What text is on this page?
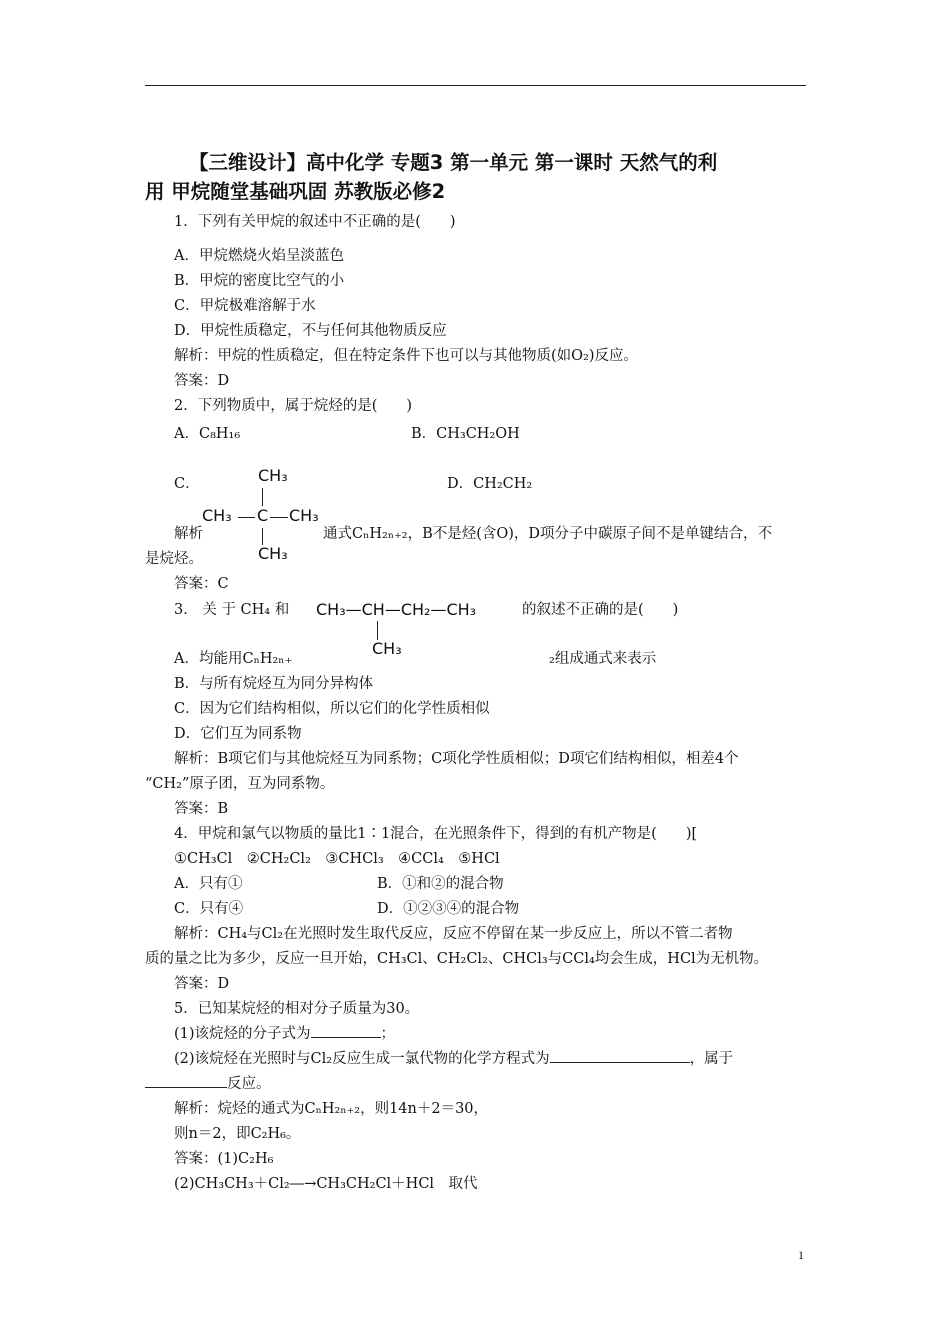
【三维设计】高中化学 专题3 第一单元 第一课时 天然气的利
用 甲烷随堂基础巩固 苏教版必修2
1．下列有关甲烷的叙述中不正确的是(　　)
A．甲烷燃烧火焰呈淡蓝色
B．甲烷的密度比空气的小
C．甲烷极难溶解于水
D．甲烷性质稳定，不与任何其他物质反应
解析：甲烷的性质稳定，但在特定条件下也可以与其他物质(如O₂)反应。
答案：D
2．下列物质中，属于烷烃的是(　　)
A．C₈H₁₆	B．CH₃CH₂OH
C．	D．CH₂CH₂
CH₃
CH₃ C CH₃
CH₃
解析	通式CₙH₂ₙ₊₂，B不是烃(含O)，D项分子中碳原子间不是单键结合，不
是烷烃。
答案：C
3． 关 于 CH₄ 和 CH₃—CH—CH₂—CH₃
CH₃
的叙述不正确的是(　　)
A．均能用CₙH₂ₙ₊	₂组成通式来表示
B．与所有烷烃互为同分异构体
C．因为它们结构相似，所以它们的化学性质相似
D．它们互为同系物
解析：B项它们与其他烷烃互为同系物；C项化学性质相似；D项它们结构相似，相差4个
“CH₂”原子团，互为同系物。
答案：B
4．甲烷和氯气以物质的量比1∶1混合，在光照条件下，得到的有机产物是(　　)[
①CH₃Cl　②CH₂Cl₂　③CHCl₃　④CCl₄　⑤HCl
A．只有①	B．①和②的混合物
C．只有④	D．①②③④的混合物
解析：CH₄与Cl₂在光照时发生取代反应，反应不停留在某一步反应上，所以不管二者物
质的量之比为多少，反应一旦开始，CH₃Cl、CH₂Cl₂、CHCl₃与CCl₄均会生成，HCl为无机物。
答案：D
5．已知某烷烃的相对分子质量为30。
(1)该烷烃的分子式为	；
(2)该烷烃在光照时与Cl₂反应生成一氯代物的化学方程式为	，属于
反应。
解析：烷烃的通式为CₙH₂ₙ₊₂，则14n＋2＝30，
则n＝2，即C₂H₆。
答案：(1)C₂H₆
(2)CH₃CH₃＋Cl₂―→CH₃CH₂Cl＋HCl　取代
1
